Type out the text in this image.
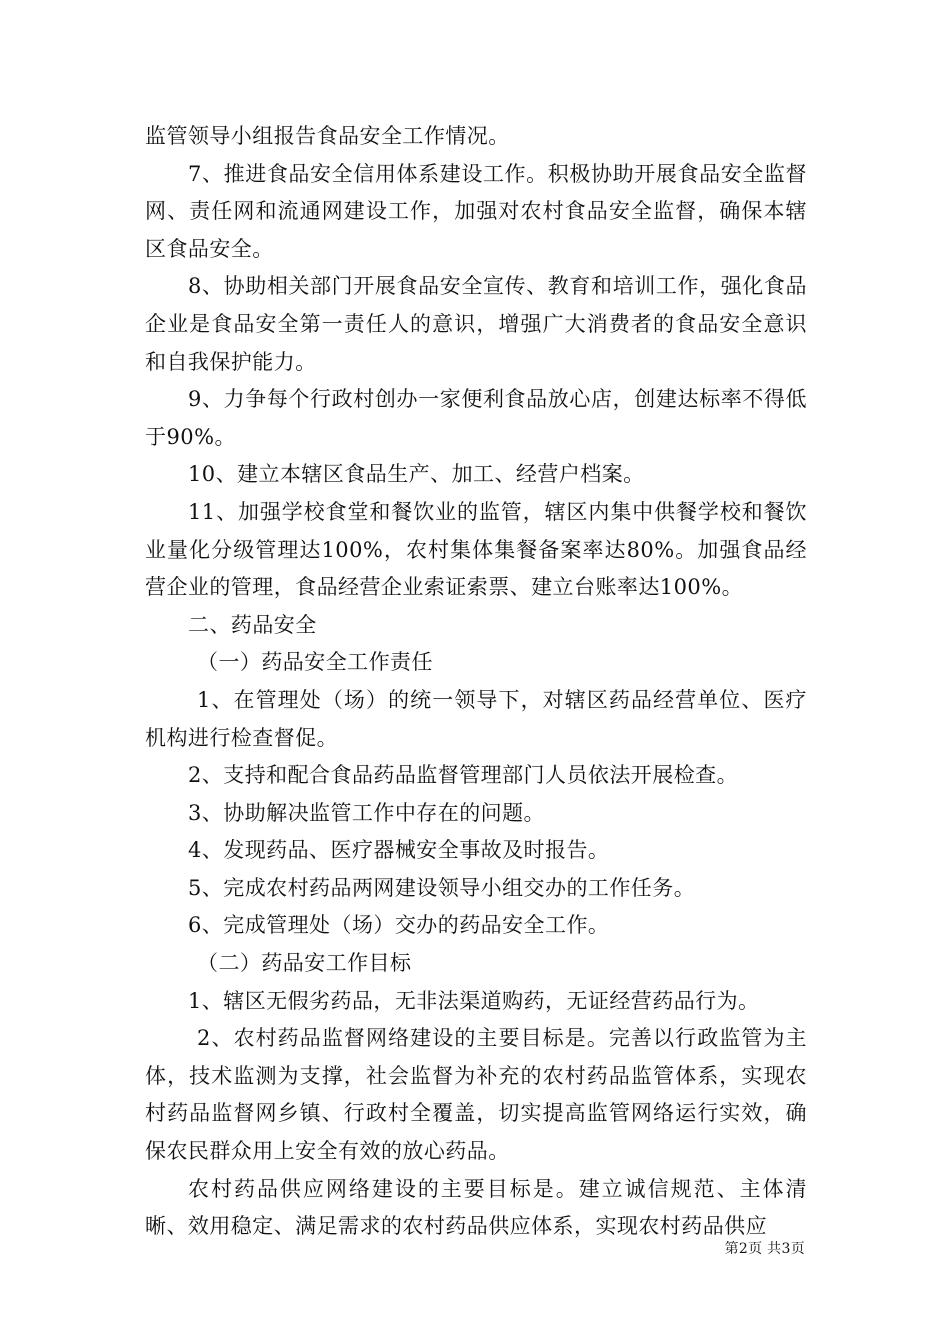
监管领导小组报告食品安全工作情况。

7、推进食品安全信用体系建设工作。积极协助开展食品安全监督网、责任网和流通网建设工作，加强对农村食品安全监督，确保本辖区食品安全。

8、协助相关部门开展食品安全宣传、教育和培训工作，强化食品企业是食品安全第一责任人的意识，增强广大消费者的食品安全意识和自我保护能力。

9、力争每个行政村创办一家便利食品放心店，创建达标率不得低于90%。

10、建立本辖区食品生产、加工、经营户档案。

11、加强学校食堂和餐饮业的监管，辖区内集中供餐学校和餐饮业量化分级管理达100%，农村集体集餐备案率达80%。加强食品经营企业的管理，食品经营企业索证索票、建立台账率达100%。

二、药品安全

（一）药品安全工作责任

1、在管理处（场）的统一领导下，对辖区药品经营单位、医疗机构进行检查督促。

2、支持和配合食品药品监督管理部门人员依法开展检查。

3、协助解决监管工作中存在的问题。

4、发现药品、医疗器械安全事故及时报告。

5、完成农村药品两网建设领导小组交办的工作任务。

6、完成管理处（场）交办的药品安全工作。

（二）药品安工作目标

1、辖区无假劣药品，无非法渠道购药，无证经营药品行为。

2、农村药品监督网络建设的主要目标是。完善以行政监管为主体，技术监测为支撑，社会监督为补充的农村药品监管体系，实现农村药品监督网乡镇、行政村全覆盖，切实提高监管网络运行实效，确保农民群众用上安全有效的放心药品。

农村药品供应网络建设的主要目标是。建立诚信规范、主体清晰、效用稳定、满足需求的农村药品供应体系，实现农村药品供应

第2页 共3页
